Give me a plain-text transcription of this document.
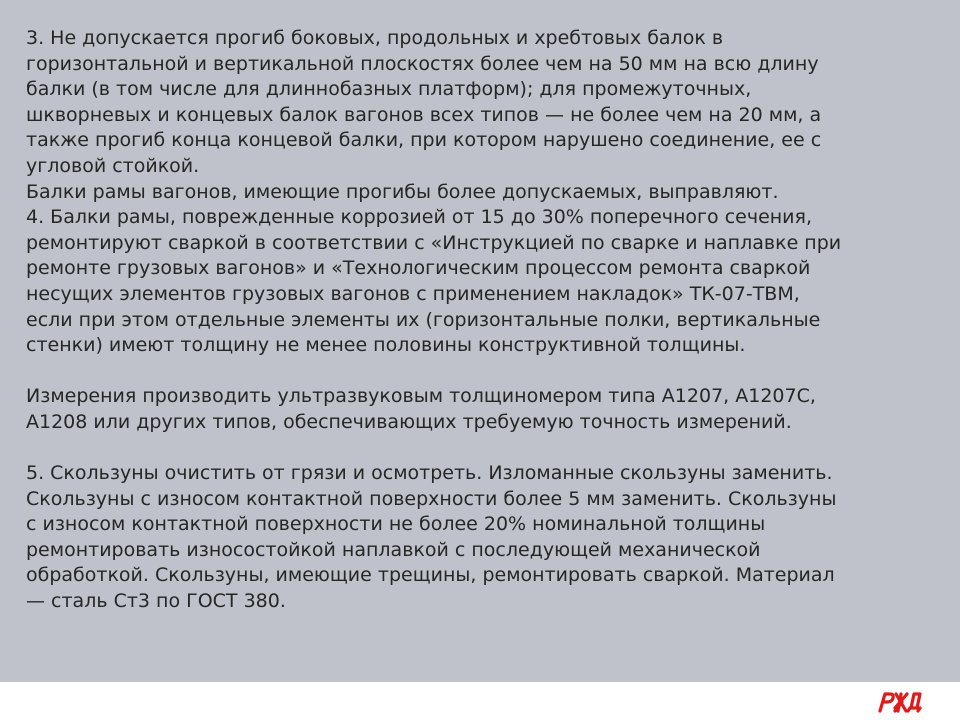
3. Не допускается прогиб боковых, продольных и хребтовых балок в
горизонтальной и вертикальной плоскостях более чем на 50 мм на всю длину
балки (в том числе для длиннобазных платформ); для промежуточных,
шкворневых и концевых балок вагонов всех типов — не более чем на 20 мм, а
также прогиб конца концевой балки, при котором нарушено соединение, ее с
угловой стойкой.
Балки рамы вагонов, имеющие прогибы более допускаемых, выправляют.
4. Балки рамы, поврежденные коррозией от 15 до 30% поперечного сечения,
ремонтируют сваркой в соответствии с «Инструкцией по сварке и наплавке при
ремонте грузовых вагонов» и «Технологическим процессом ремонта сваркой
несущих элементов грузовых вагонов с применением накладок» ТК-07-ТВМ,
если при этом отдельные элементы их (горизонтальные полки, вертикальные
стенки) имеют толщину не менее половины конструктивной толщины.
Измерения производить ультразвуковым толщиномером типа А1207, А1207С,
А1208 или других типов, обеспечивающих требуемую точность измерений.
5. Скользуны очистить от грязи и осмотреть. Изломанные скользуны заменить.
Скользуны с износом контактной поверхности более 5 мм заменить. Скользуны
с износом контактной поверхности не более 20% номинальной толщины
ремонтировать износостойкой наплавкой с последующей механической
обработкой. Скользуны, имеющие трещины, ремонтировать сваркой. Материал
— сталь Ст3 по ГОСТ 380.
